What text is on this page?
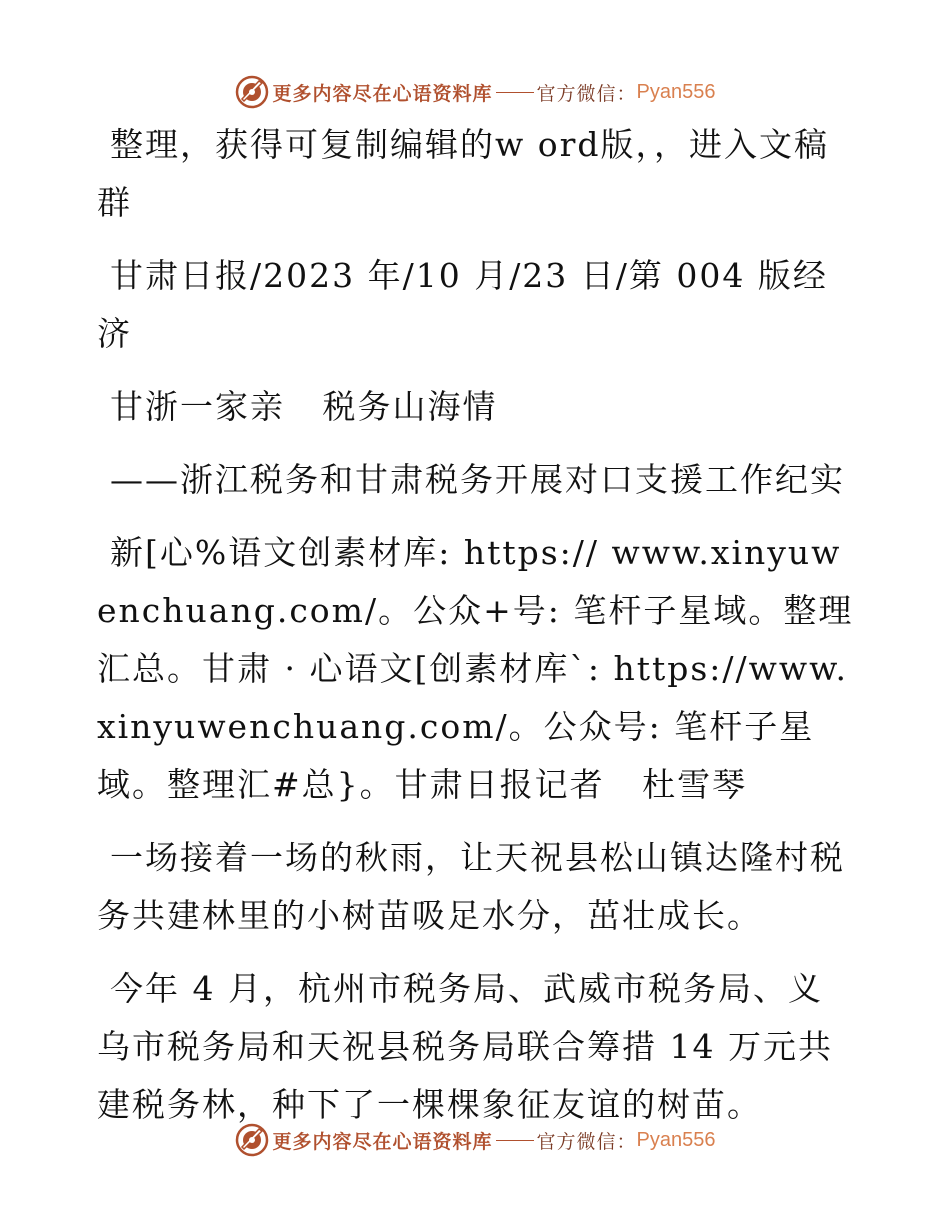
更多内容尽在心语资料库 官方微信： Pyan556

整理，获得可复制编辑的w ord版，，进入文稿群

甘肃日报/2023 年/10 月/23 日/第 004 版经济

甘浙一家亲   税务山海情

——浙江税务和甘肃税务开展对口支援工作纪实

新[心%语文创素材库: https:// www.xinyuwenchuang.com/。公众+号: 笔杆子星域。整理汇总。甘肃 · 心语文[创素材库`: https://www.xinyuwenchuang.com/。公众号: 笔杆子星域。整理汇#总}。甘肃日报记者   杜雪琴

一场接着一场的秋雨，让天祝县松山镇达隆村税务共建林里的小树苗吸足水分，茁壮成长。

今年 4 月，杭州市税务局、武威市税务局、义乌市税务局和天祝县税务局联合筹措 14 万元共建税务林，种下了一棵棵象征友谊的树苗。

更多内容尽在心语资料库 官方微信： Pyan556
